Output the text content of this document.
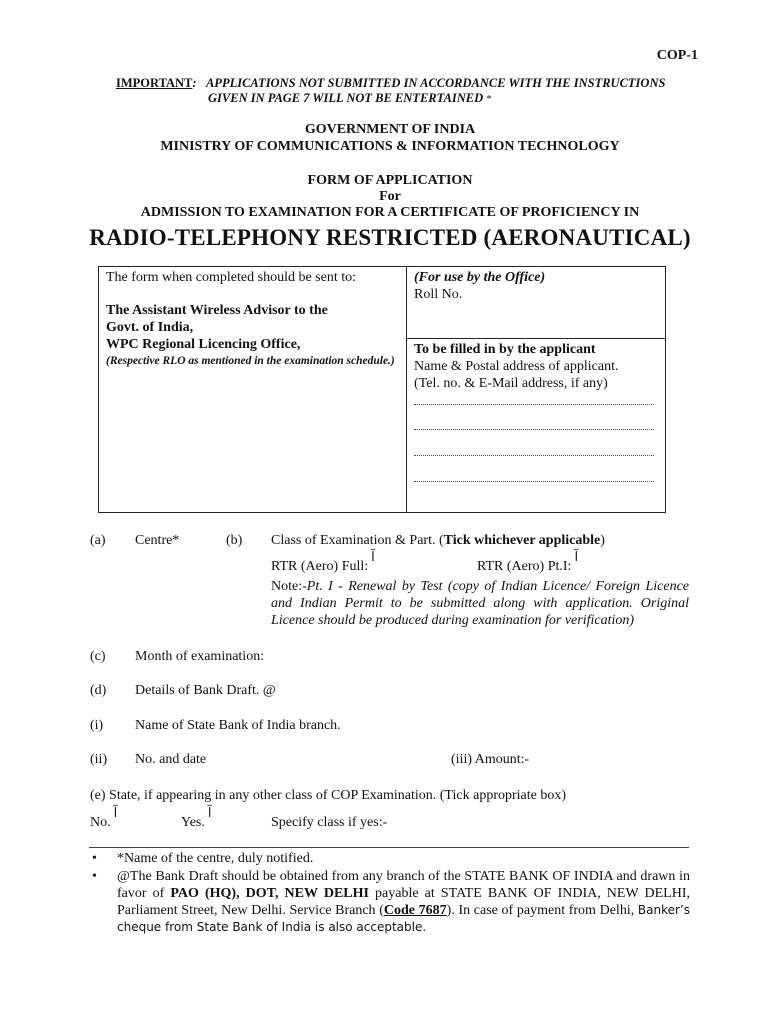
COP-1
IMPORTANT: APPLICATIONS NOT SUBMITTED IN ACCORDANCE WITH THE INSTRUCTIONS
GIVEN IN PAGE 7 WILL NOT BE ENTERTAINED *
GOVERNMENT OF INDIA
MINISTRY OF COMMUNICATIONS & INFORMATION TECHNOLOGY
FORM OF APPLICATION
For
ADMISSION TO EXAMINATION FOR A CERTIFICATE OF PROFICIENCY IN
RADIO-TELEPHONY RESTRICTED (AERONAUTICAL)
The form when completed should be sent to:
The Assistant Wireless Advisor to the
Govt. of India,
WPC Regional Licencing Office,
(Respective RLO as mentioned in the examination schedule.)
(For use by the Office)
Roll No.
To be filled in by the applicant
Name & Postal address of applicant.
(Tel. no. & E-Mail address, if any)
(a) Centre*	(b) Class of Examination & Part. (Tick whichever applicable)
RTR (Aero) Full:آ
RTR (Aero) Pt.I:آ
Note:-Pt. I - Renewal by Test (copy of Indian Licence/ Foreign Licence and Indian Permit to be submitted along with application. Original Licence should be produced during examination for verification)
(c) Month of examination:
(d) Details of Bank Draft. @
(i) Name of State Bank of India branch.
(ii) No. and date	(iii) Amount:-
(e) State, if appearing in any other class of COP Examination. (Tick appropriate box)
No.آ
Yes.آ
Specify class if yes:-
• *Name of the centre, duly notified.
• @The Bank Draft should be obtained from any branch of the STATE BANK OF INDIA and drawn in favor of PAO (HQ), DOT, NEW DELHI payable at STATE BANK OF INDIA, NEW DELHI, Parliament Street, New Delhi. Service Branch (Code 7687). In case of payment from Delhi, Banker’s cheque from State Bank of India is also acceptable.
